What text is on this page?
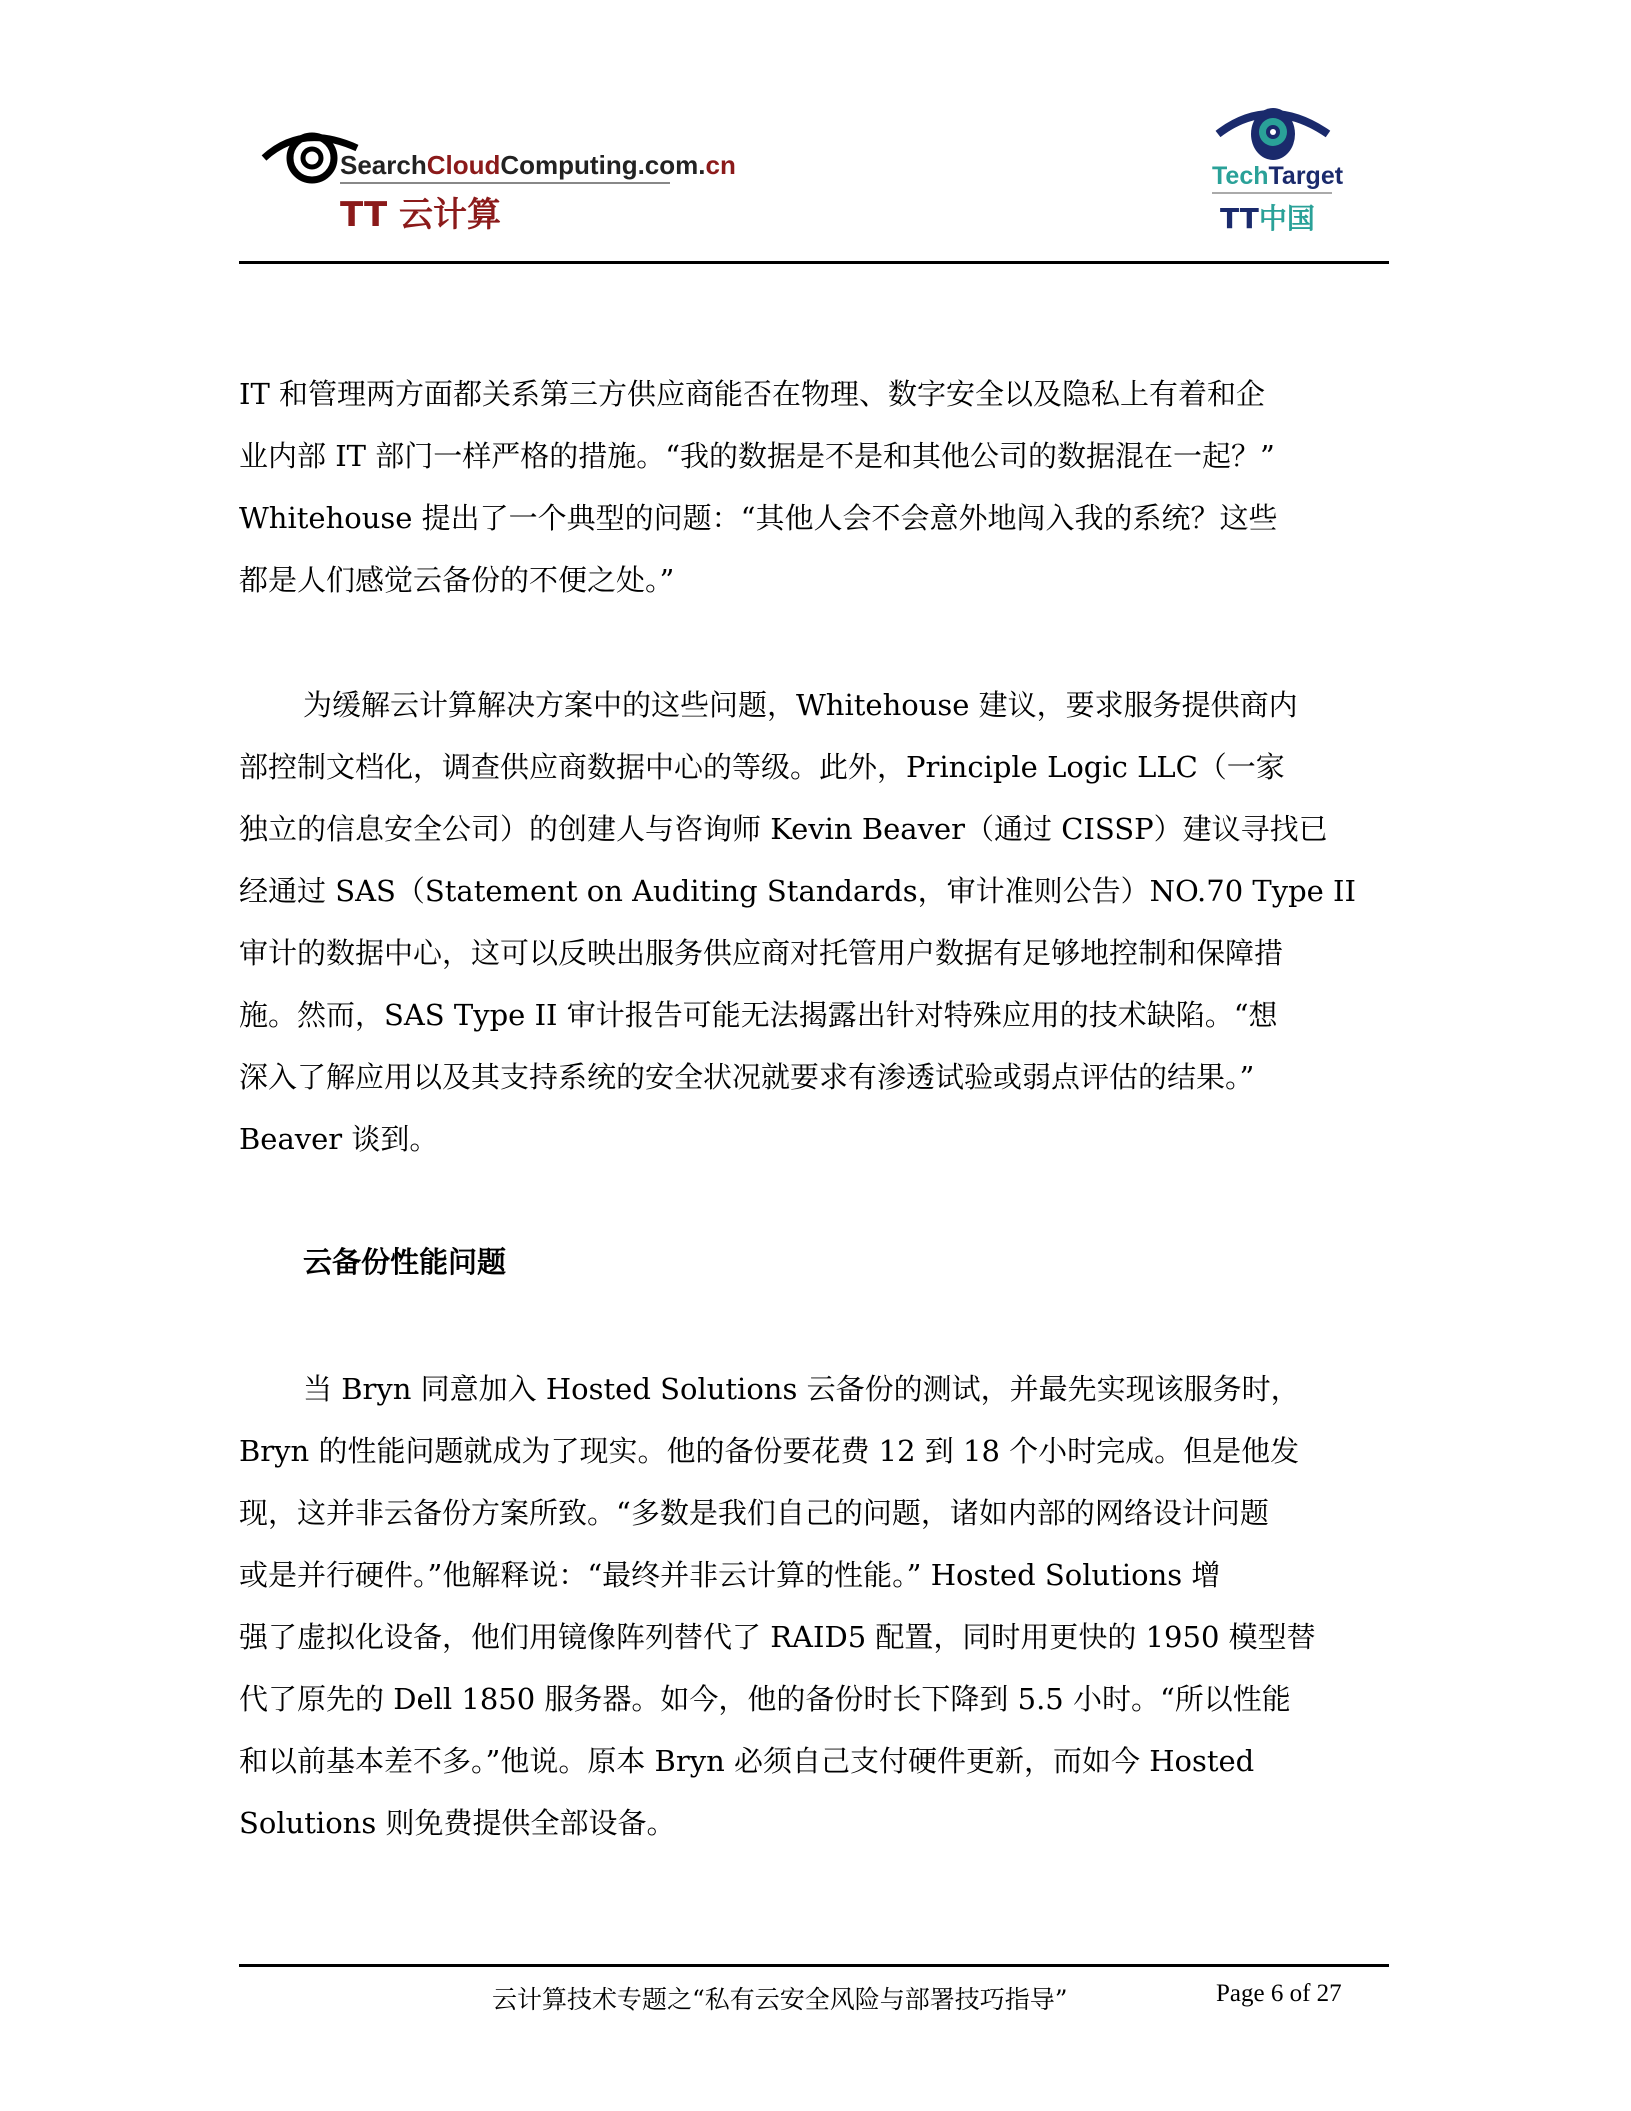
SearchCloudComputing.com.cn
TT 云计算
TechTarget
TT中国
IT 和管理两方面都关系第三方供应商能否在物理、数字安全以及隐私上有着和企
业内部 IT 部门一样严格的措施。“我的数据是不是和其他公司的数据混在一起？”
Whitehouse 提出了一个典型的问题：“其他人会不会意外地闯入我的系统？这些
都是人们感觉云备份的不便之处。”
为缓解云计算解决方案中的这些问题，Whitehouse 建议，要求服务提供商内
部控制文档化，调查供应商数据中心的等级。此外，Principle Logic LLC（一家
独立的信息安全公司）的创建人与咨询师 Kevin Beaver（通过 CISSP）建议寻找已
经通过 SAS（Statement on Auditing Standards，审计准则公告）NO.70 Type II
审计的数据中心，这可以反映出服务供应商对托管用户数据有足够地控制和保障措
施。然而，SAS Type II 审计报告可能无法揭露出针对特殊应用的技术缺陷。“想
深入了解应用以及其支持系统的安全状况就要求有渗透试验或弱点评估的结果。”
Beaver 谈到。
云备份性能问题
当 Bryn 同意加入 Hosted Solutions 云备份的测试，并最先实现该服务时，
Bryn 的性能问题就成为了现实。他的备份要花费 12 到 18 个小时完成。但是他发
现，这并非云备份方案所致。“多数是我们自己的问题，诸如内部的网络设计问题
或是并行硬件。”他解释说：“最终并非云计算的性能。” Hosted Solutions 增
强了虚拟化设备，他们用镜像阵列替代了 RAID5 配置，同时用更快的 1950 模型替
代了原先的 Dell 1850 服务器。如今，他的备份时长下降到 5.5 小时。“所以性能
和以前基本差不多。”他说。原本 Bryn 必须自己支付硬件更新，而如今 Hosted
Solutions 则免费提供全部设备。
云计算技术专题之“私有云安全风险与部署技巧指导”	Page 6 of 27
